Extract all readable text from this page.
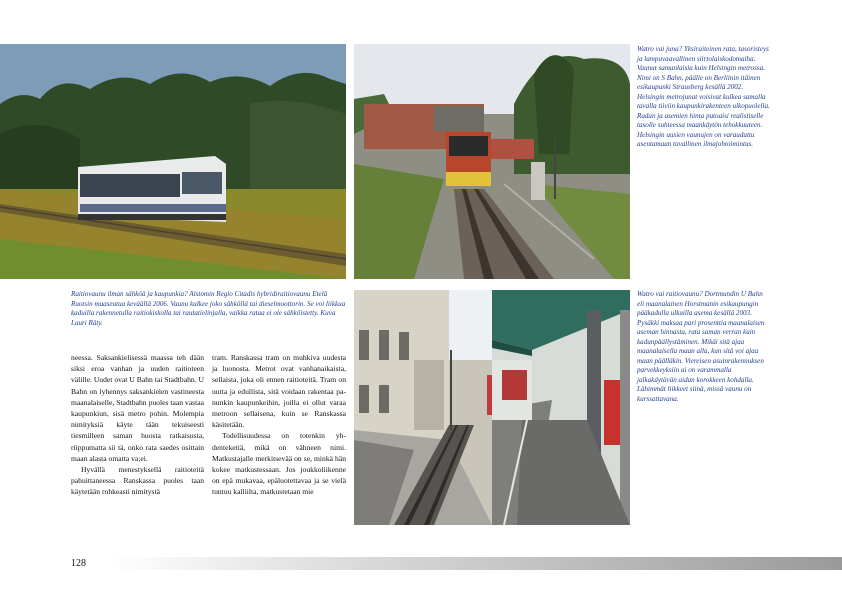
Watro vai juna? Yksiraiteinen rata, tasoristeys ja lampuvaavallinen siirtolaiskodomaiha. Vaunut samanlaisia kuin Helsingin metrossa. Nimi on S Bahn, päälle on Berliinin itäinen esikaupunki Strausberg kesällä 2002. Helsingin metrojunat voisivat kulkea samalla tavalla tiiviin kaupunkirakenteen ulkopuolella. Radan ja asemien hinta putoaisi realistiselle tasolle suhteessa maankäytön tehokkuuteen. Helsingin uusien vaunujen on varauduttu asentamaan tuvallinen ilmajohtoimintus.

Raitiovaunu ilman sähköä ja kaupunkia? Alstomin Regio Citadis hybridiraitiovaunu Etelä Ruotsin maaseutua keväällä 2006. Vaunu kulkee joko sähköllä tai dieselmoottorin. Se voi liikkua kaduilla rakennetulla raitiokiskolla tai rautatielinjalla, vaikka rataa ei ole sähköistetty. Kuva Lauri Räty.

Watro vai raitiovaunu? Dortmundin U Bahn eli maanalainen Horstmanin esikaupungin pääkadulla ulkuilla asema kesällä 2003. Pysäkki maksaa pari prosenttia maanalaisen aseman hinnasta, rata saman verran kuin kadunpäällystäminen. Mikäi sitä ajaa maanalaisella maan alla, kun sitä voi ajaa maan päälläkin. Viereisen asuinrakennuksen parvekkeyksiin ai on varammalla jalkakäytävän aidan korokkeen kohdalla. Lähimmät liikkeet siinä, missä vaunu on kurssattavana.

neessa. Saksankielisessä maassa teh dään siksi eroa vanhan ja uuden raitioteen välille. Uudet ovat U Bahn tai Stadtbahn. U Bahn on lyhennys saksankielen vastineesta maanalaiselle, Stadtbahn puoles taan vastaa kaupunkiun, sisä metro pohin. Molempia nimityksiä käyte tään tekuiseesti tiesmilleen saman huosta ratkaisusta, riippumatta sii tä, onko rata saedes osittain maan alasta omatta va;ei.

Hyvällä menestyksellä raitioteitä pahuittaneessa Ranskassa puoles taan käytetään rohkeasti nimitystä

tram. Ranskassa tram on muhkiva uudesta ja luonosta. Metrot ovat vanhanaikaista, sellaista, joka oli ennen raitioteitä. Tram on uutta ja edullista, sitä voidaan rakentaa pa- nunkin kaupunkeihin, joilla ei ollut varaa metroon sellaisena, kuin se Ranskassa käsitetään.

Todellisuudessa on totenkin yh- denteketiä, mikä on vähneen nimi. Matkustajalle merkitsevää on se, minkä hän kokee matkustessaan. Jos joukkoliikenne on epä mukavaa, epäluotettavaa ja se vielä tuntuu kalliilta, matkustetaan mie

128
